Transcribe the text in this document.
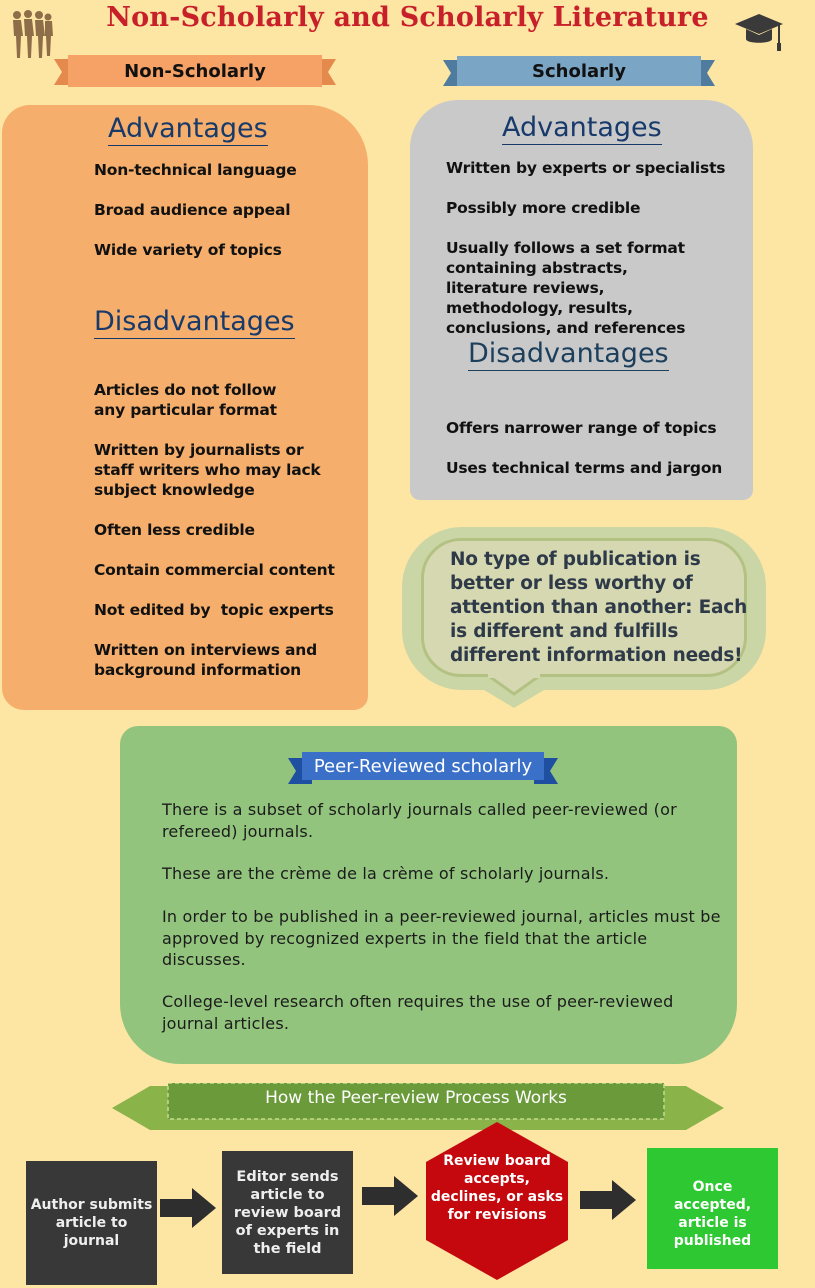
Non-Scholarly and Scholarly Literature
Non-Scholarly	Scholarly
Advantages
Non-technical language
Broad audience appeal
Wide variety of topics
Disadvantages
Articles do not follow any particular format
Written by journalists or staff writers who may lack subject knowledge
Often less credible
Contain commercial content
Not edited by  topic experts
Written on interviews and background information
Advantages
Written by experts or specialists
Possibly more credible
Usually follows a set format containing abstracts, literature reviews, methodology, results, conclusions, and references
Disadvantages
Offers narrower range of topics
Uses technical terms and jargon
No type of publication is better or less worthy of attention than another: Each is different and fulfills different information needs!
Peer-Reviewed scholarly
There is a subset of scholarly journals called peer-reviewed (or refereed) journals.
These are the crème de la crème of scholarly journals.
In order to be published in a peer-reviewed journal, articles must be approved by recognized experts in the field that the article discusses.
College-level research often requires the use of peer-reviewed journal articles.
How the Peer-review Process Works
Author submits article to journal
Editor sends article to review board of experts in the field
Review board accepts, declines, or asks for revisions
Once accepted, article is published
